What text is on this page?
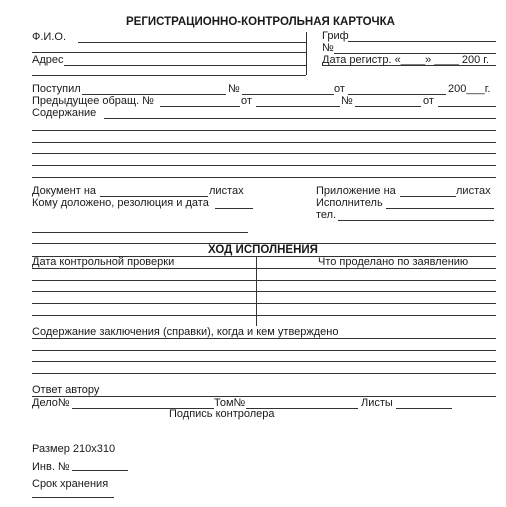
РЕГИСТРАЦИОННО-КОНТРОЛЬНАЯ КАРТОЧКА
Ф.И.О.	Гриф
№
Адрес	Дата регистр. «____» ____ 200 г.
Поступил	№	от	200___г.
Предыдущее обращ. №	от	№	от
Содержание
Документ на	листах	Приложение на	листах
Кому доложено, резолюция и дата	Исполнитель
тел.
ХОД ИСПОЛНЕНИЯ
Дата контрольной проверки	Что проделано по заявлению
Содержание заключения (справки), когда и кем утверждено
Ответ автору
Дело№	Том№	Листы
Подпись контролера
Размер 210х310
Инв. №
Срок хранения
